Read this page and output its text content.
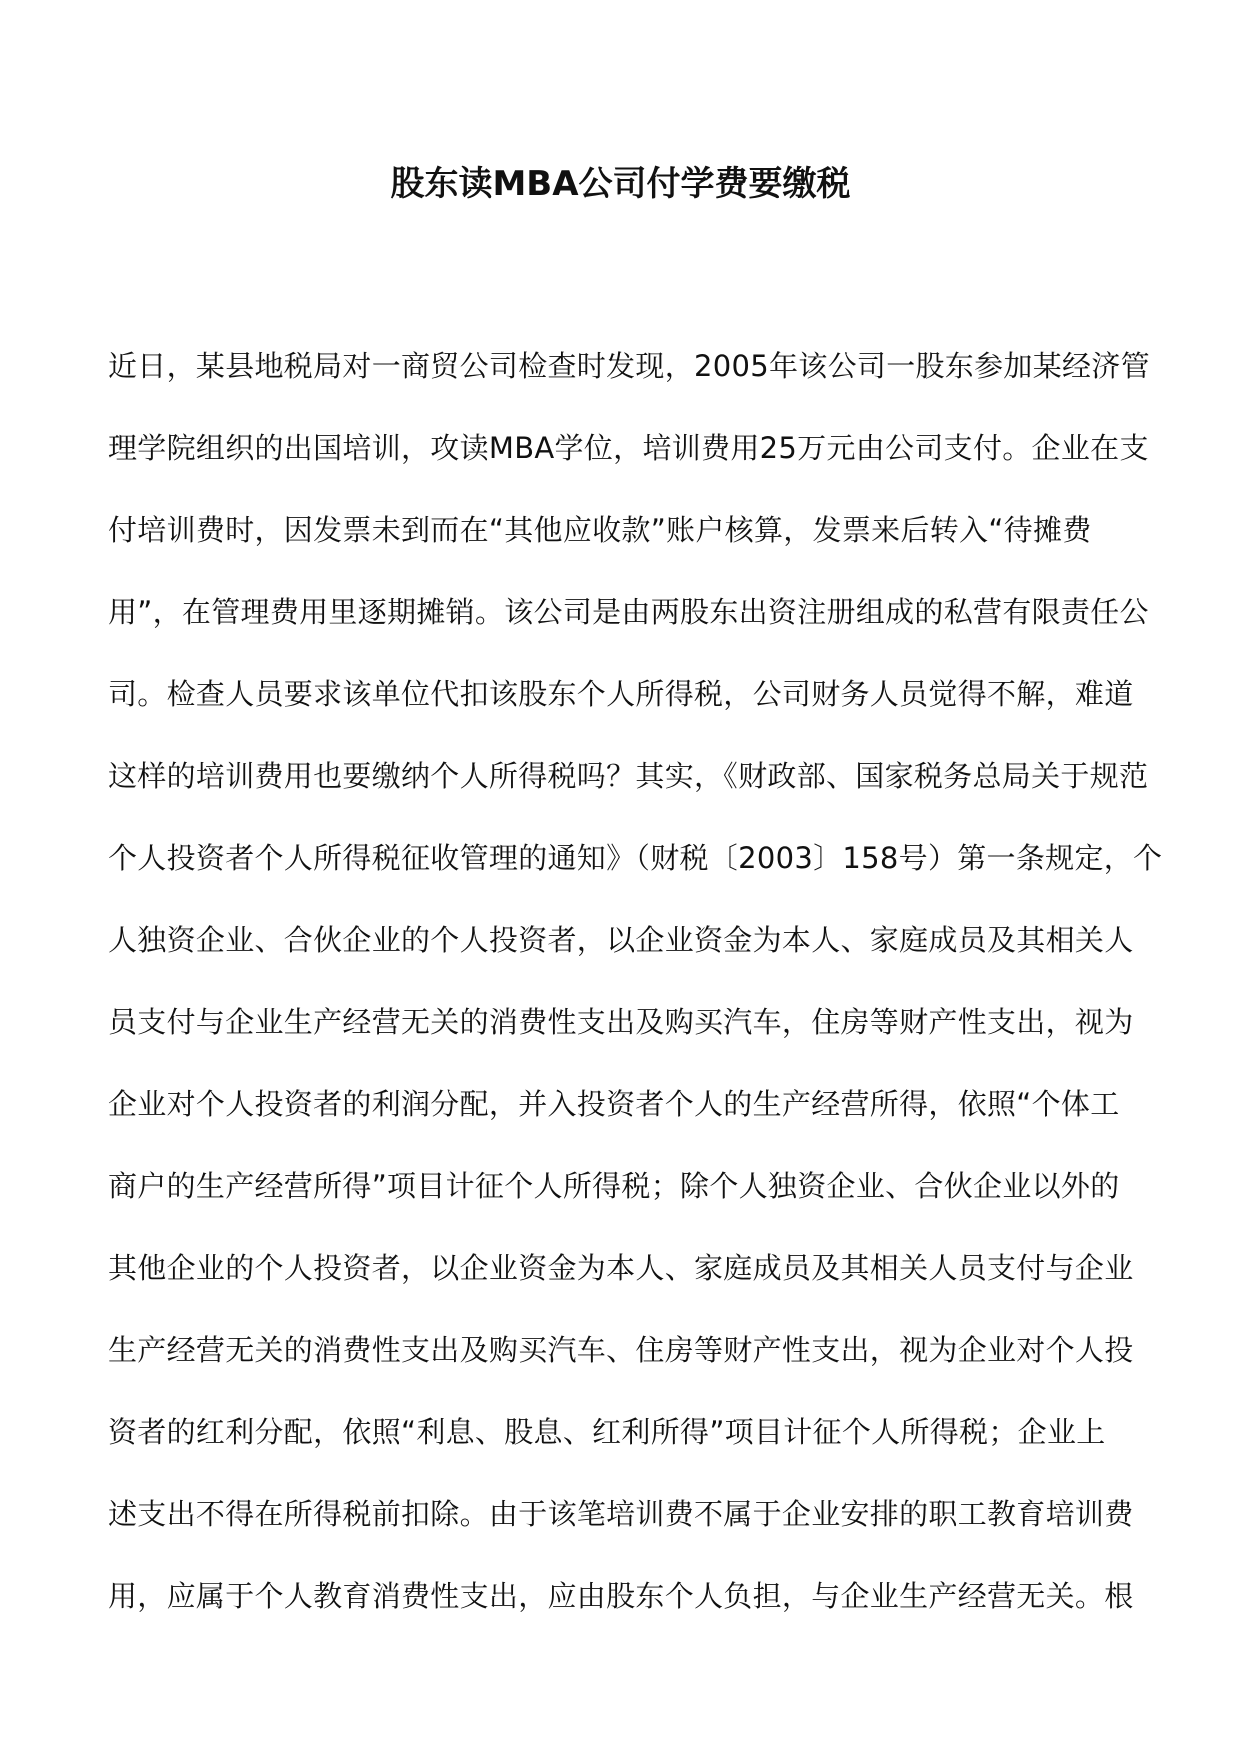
股东读MBA公司付学费要缴税
近日，某县地税局对一商贸公司检查时发现，2005年该公司一股东参加某经济管
理学院组织的出国培训，攻读MBA学位，培训费用25万元由公司支付。企业在支
付培训费时，因发票未到而在“其他应收款”账户核算，发票来后转入“待摊费
用”，在管理费用里逐期摊销。该公司是由两股东出资注册组成的私营有限责任公
司。检查人员要求该单位代扣该股东个人所得税，公司财务人员觉得不解，难道
这样的培训费用也要缴纳个人所得税吗？其实，《财政部、国家税务总局关于规范
个人投资者个人所得税征收管理的通知》（财税〔2003〕158号）第一条规定，个
人独资企业、合伙企业的个人投资者，以企业资金为本人、家庭成员及其相关人
员支付与企业生产经营无关的消费性支出及购买汽车，住房等财产性支出，视为
企业对个人投资者的利润分配，并入投资者个人的生产经营所得，依照“个体工
商户的生产经营所得”项目计征个人所得税；除个人独资企业、合伙企业以外的
其他企业的个人投资者，以企业资金为本人、家庭成员及其相关人员支付与企业
生产经营无关的消费性支出及购买汽车、住房等财产性支出，视为企业对个人投
资者的红利分配，依照“利息、股息、红利所得”项目计征个人所得税；企业上
述支出不得在所得税前扣除。由于该笔培训费不属于企业安排的职工教育培训费
用，应属于个人教育消费性支出，应由股东个人负担，与企业生产经营无关。根
